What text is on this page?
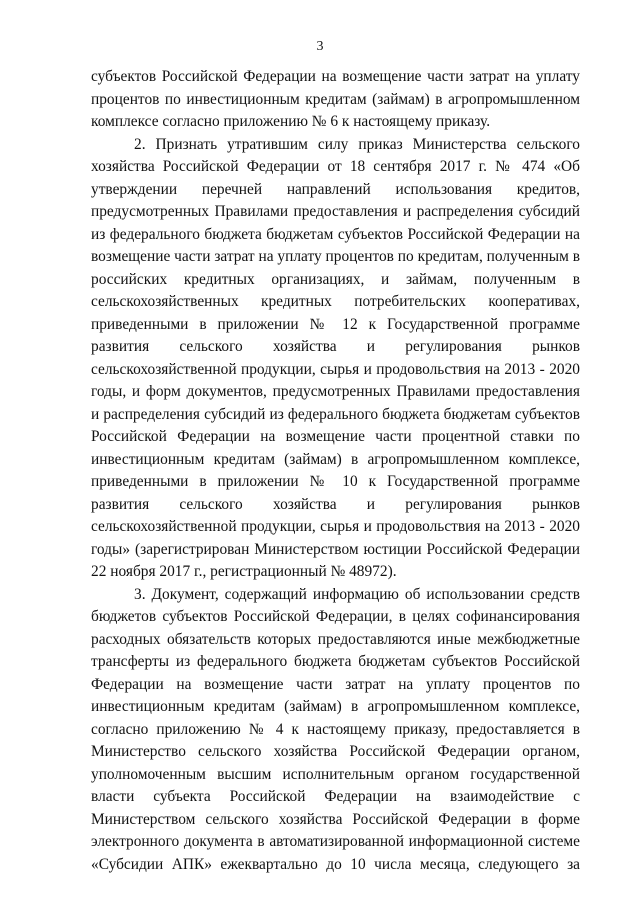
3

субъектов Российской Федерации на возмещение части затрат на уплату процентов по инвестиционным кредитам (займам) в агропромышленном комплексе согласно приложению № 6 к настоящему приказу.

2. Признать утратившим силу приказ Министерства сельского хозяйства Российской Федерации от 18 сентября 2017 г. № 474 «Об утверждении перечней направлений использования кредитов, предусмотренных Правилами предоставления и распределения субсидий из федерального бюджета бюджетам субъектов Российской Федерации на возмещение части затрат на уплату процентов по кредитам, полученным в российских кредитных организациях, и займам, полученным в сельскохозяйственных кредитных потребительских кооперативах, приведенными в приложении № 12 к Государственной программе развития сельского хозяйства и регулирования рынков сельскохозяйственной продукции, сырья и продовольствия на 2013 - 2020 годы, и форм документов, предусмотренных Правилами предоставления и распределения субсидий из федерального бюджета бюджетам субъектов Российской Федерации на возмещение части процентной ставки по инвестиционным кредитам (займам) в агропромышленном комплексе, приведенными в приложении № 10 к Государственной программе развития сельского хозяйства и регулирования рынков сельскохозяйственной продукции, сырья и продовольствия на 2013 - 2020 годы» (зарегистрирован Министерством юстиции Российской Федерации 22 ноября 2017 г., регистрационный № 48972).

3. Документ, содержащий информацию об использовании средств бюджетов субъектов Российской Федерации, в целях софинансирования расходных обязательств которых предоставляются иные межбюджетные трансферты из федерального бюджета бюджетам субъектов Российской Федерации на возмещение части затрат на уплату процентов по инвестиционным кредитам (займам) в агропромышленном комплексе, согласно приложению № 4 к настоящему приказу, предоставляется в Министерство сельского хозяйства Российской Федерации органом, уполномоченным высшим исполнительным органом государственной власти субъекта Российской Федерации на взаимодействие с Министерством сельского хозяйства Российской Федерации в форме электронного документа в автоматизированной информационной системе «Субсидии АПК» ежеквартально до 10 числа месяца, следующего за
